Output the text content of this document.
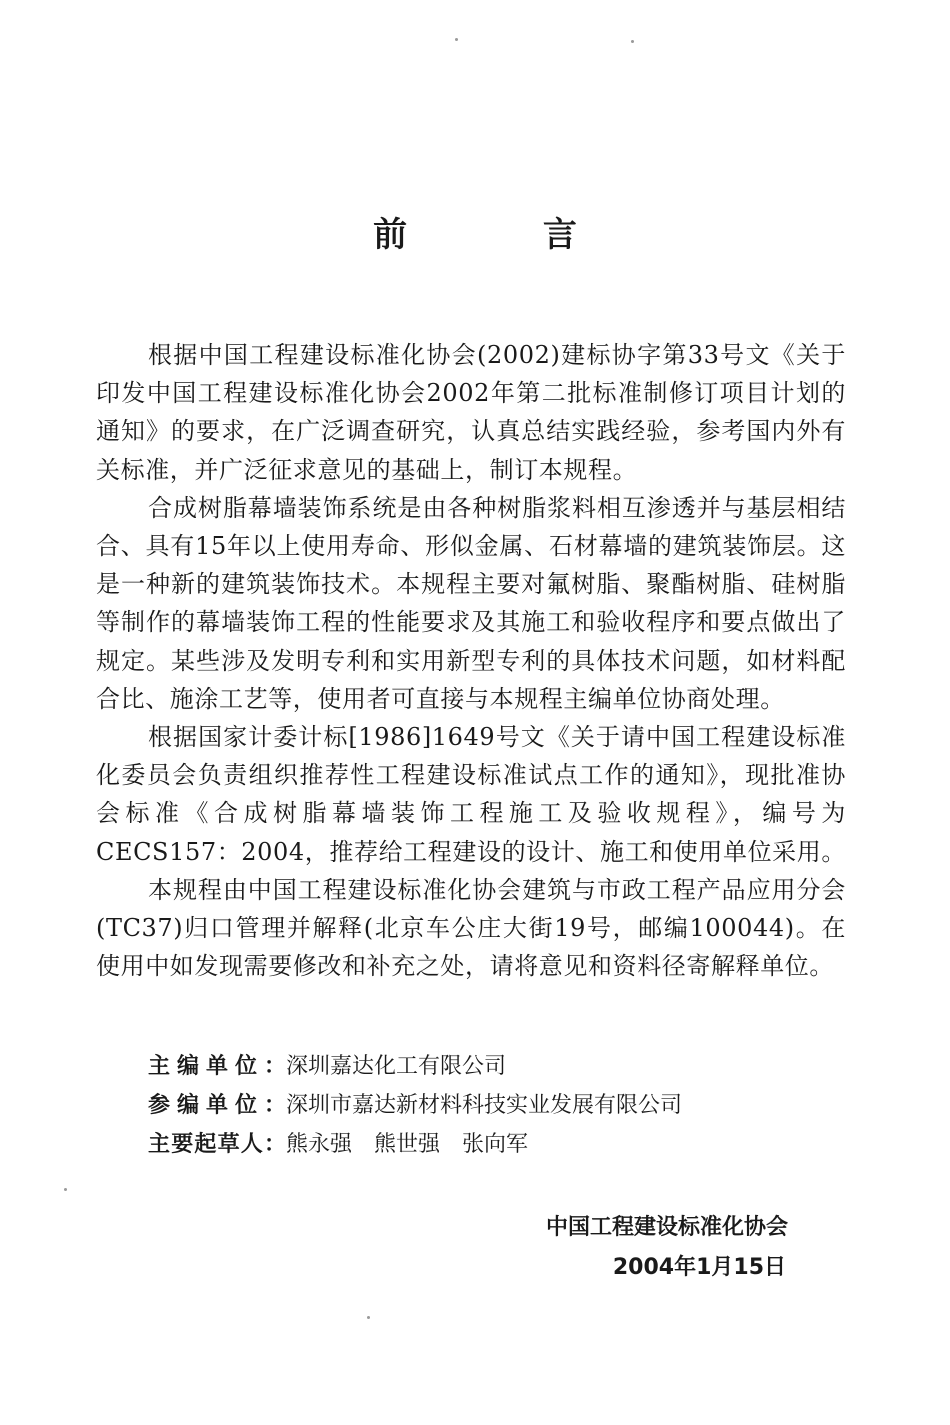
前 言

根据中国工程建设标准化协会(2002)建标协字第33号文《关于印发中国工程建设标准化协会2002年第二批标准制修订项目计划的通知》的要求，在广泛调查研究，认真总结实践经验，参考国内外有关标准，并广泛征求意见的基础上，制订本规程。

合成树脂幕墙装饰系统是由各种树脂浆料相互渗透并与基层相结合、具有15年以上使用寿命、形似金属、石材幕墙的建筑装饰层。这是一种新的建筑装饰技术。本规程主要对氟树脂、聚酯树脂、硅树脂等制作的幕墙装饰工程的性能要求及其施工和验收程序和要点做出了规定。某些涉及发明专利和实用新型专利的具体技术问题，如材料配合比、施涂工艺等，使用者可直接与本规程主编单位协商处理。

根据国家计委计标[1986]1649号文《关于请中国工程建设标准化委员会负责组织推荐性工程建设标准试点工作的通知》，现批准协会标准《合成树脂幕墙装饰工程施工及验收规程》，编号为CECS157：2004，推荐给工程建设的设计、施工和使用单位采用。

本规程由中国工程建设标准化协会建筑与市政工程产品应用分会(TC37)归口管理并解释(北京车公庄大街19号，邮编100044)。在使用中如发现需要修改和补充之处，请将意见和资料径寄解释单位。

主编单位：深圳嘉达化工有限公司
参编单位：深圳市嘉达新材料科技实业发展有限公司
主要起草人：熊永强　熊世强　张向军
中国工程建设标准化协会
2004年1月15日
